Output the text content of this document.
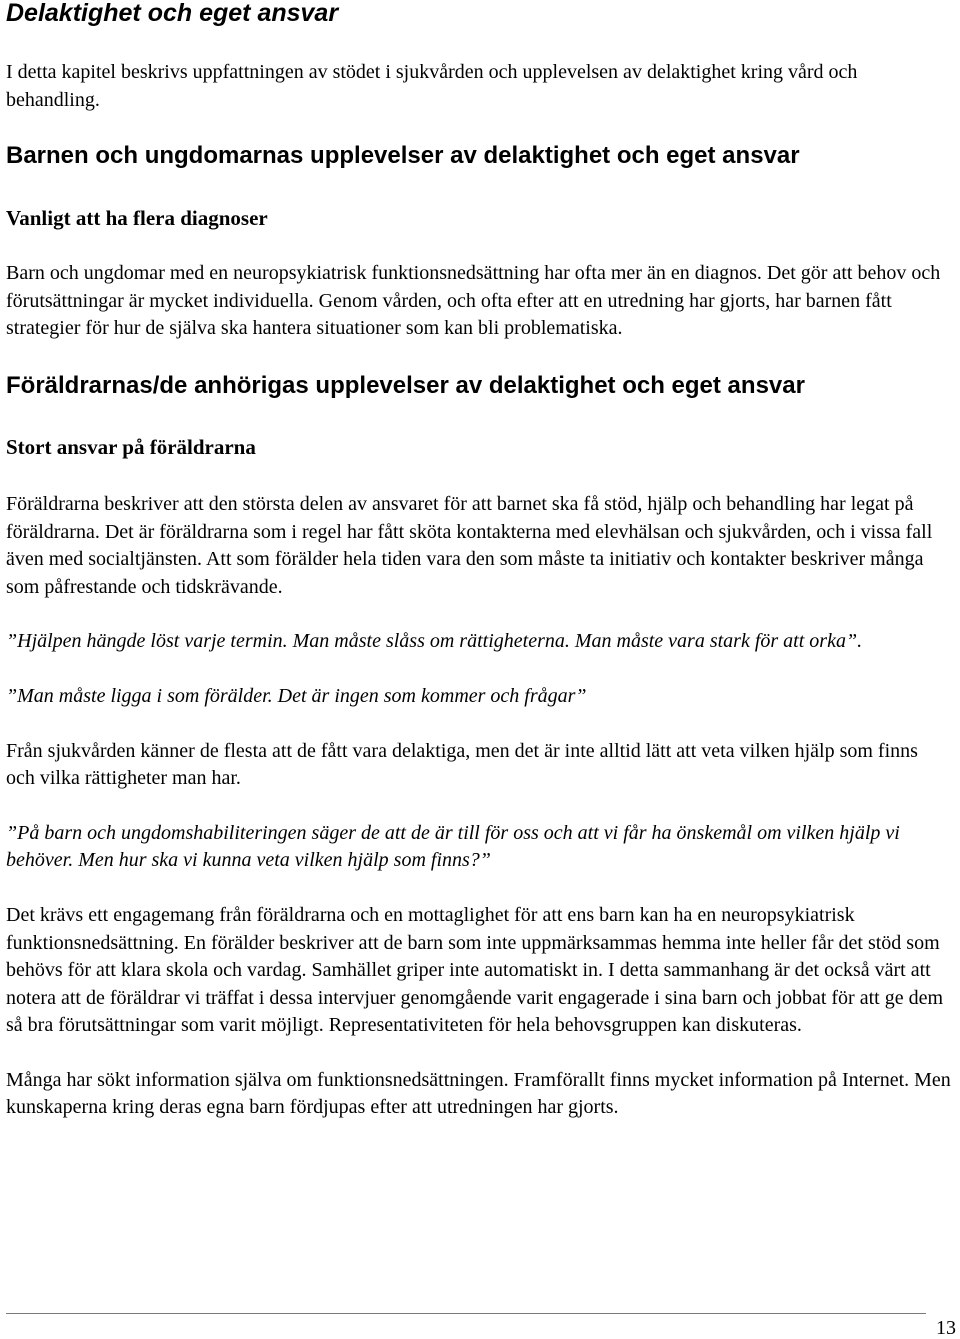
Delaktighet och eget ansvar

I detta kapitel beskrivs uppfattningen av stödet i sjukvården och upplevelsen av delaktighet kring vård och behandling.

Barnen och ungdomarnas upplevelser av delaktighet och eget ansvar
Vanligt att ha flera diagnoser

Barn och ungdomar med en neuropsykiatrisk funktionsnedsättning har ofta mer än en diagnos. Det gör att behov och förutsättningar är mycket individuella. Genom vården, och ofta efter att en utredning har gjorts, har barnen fått strategier för hur de själva ska hantera situationer som kan bli problematiska.

Föräldrarnas/de anhörigas upplevelser av delaktighet och eget ansvar
Stort ansvar på föräldrarna

Föräldrarna beskriver att den största delen av ansvaret för att barnet ska få stöd, hjälp och behandling har legat på föräldrarna. Det är föräldrarna som i regel har fått sköta kontakterna med elevhälsan och sjukvården, och i vissa fall även med socialtjänsten. Att som förälder hela tiden vara den som måste ta initiativ och kontakter beskriver många som påfrestande och tidskrävande.

”Hjälpen hängde löst varje termin. Man måste slåss om rättigheterna. Man måste vara stark för att orka”.

”Man måste ligga i som förälder. Det är ingen som kommer och frågar”

Från sjukvården känner de flesta att de fått vara delaktiga, men det är inte alltid lätt att veta vilken hjälp som finns och vilka rättigheter man har.

”På barn och ungdomshabiliteringen säger de att de är till för oss och att vi får ha önskemål om vilken hjälp vi behöver. Men hur ska vi kunna veta vilken hjälp som finns?”

Det krävs ett engagemang från föräldrarna och en mottaglighet för att ens barn kan ha en neuropsykiatrisk funktionsnedsättning. En förälder beskriver att de barn som inte uppmärksammas hemma inte heller får det stöd som behövs för att klara skola och vardag. Samhället griper inte automatiskt in. I detta sammanhang är det också värt att notera att de föräldrar vi träffat i dessa intervjuer genomgående varit engagerade i sina barn och jobbat för att ge dem så bra förutsättningar som varit möjligt. Representativiteten för hela behovsgruppen kan diskuteras.

Många har sökt information själva om funktionsnedsättningen. Framförallt finns mycket information på Internet. Men kunskaperna kring deras egna barn fördjupas efter att utredningen har gjorts.

13
